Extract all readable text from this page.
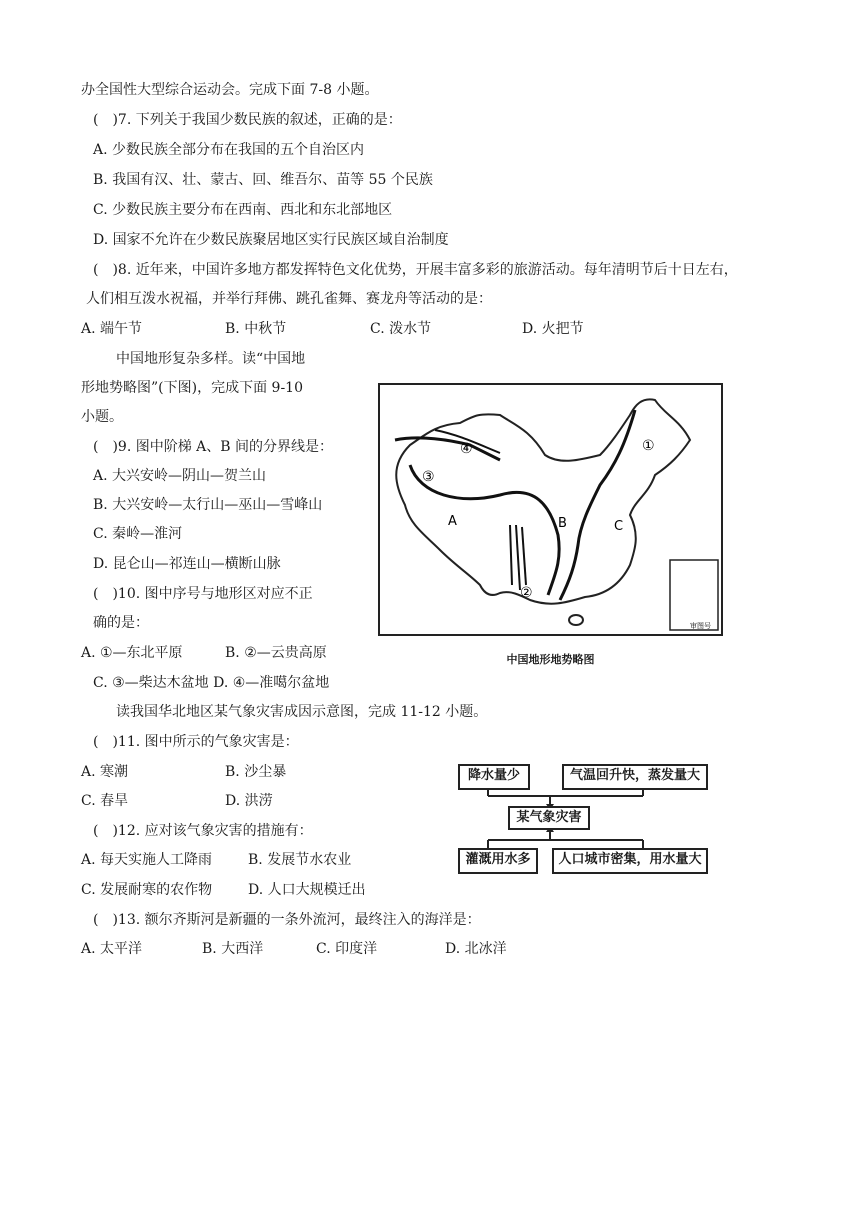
办全国性大型综合运动会。完成下面 7-8 小题。
(　)7. 下列关于我国少数民族的叙述，正确的是：
A. 少数民族全部分布在我国的五个自治区内
B. 我国有汉、壮、蒙古、回、维吾尔、苗等 55 个民族
C. 少数民族主要分布在西南、西北和东北部地区
D. 国家不允许在少数民族聚居地区实行民族区域自治制度
(　)8. 近年来，中国许多地方都发挥特色文化优势，开展丰富多彩的旅游活动。每年清明节后十日左右，
人们相互泼水祝福，并举行拜佛、跳孔雀舞、赛龙舟等活动的是：
A. 端午节	B. 中秋节	C. 泼水节	D. 火把节
中国地形复杂多样。读“中国地
形地势略图”(下图)，完成下面 9-10
小题。
(　)9. 图中阶梯 A、B 间的分界线是：
A. 大兴安岭—阴山—贺兰山
B. 大兴安岭—太行山—巫山—雪峰山
C. 秦岭—淮河
D. 昆仑山—祁连山—横断山脉
(　)10. 图中序号与地形区对应不正
确的是：
A. ①—东北平原	B. ②—云贵高原
C. ③—柴达木盆地 D. ④—准噶尔盆地
④
③
①
②
A	B	C
审图号
中国地形地势略图
读我国华北地区某气象灾害成因示意图，完成 11-12 小题。
(　)11. 图中所示的气象灾害是：
A. 寒潮	B. 沙尘暴
C. 春旱	D. 洪涝
(　)12. 应对该气象灾害的措施有：
A. 每天实施人工降雨	B. 发展节水农业
C. 发展耐寒的农作物	D. 人口大规模迁出
降水量少	气温回升快，蒸发量大
某气象灾害
灌溉用水多	人口城市密集，用水量大
(　)13. 额尔齐斯河是新疆的一条外流河，最终注入的海洋是：
A. 太平洋	B. 大西洋	C. 印度洋	D. 北冰洋
